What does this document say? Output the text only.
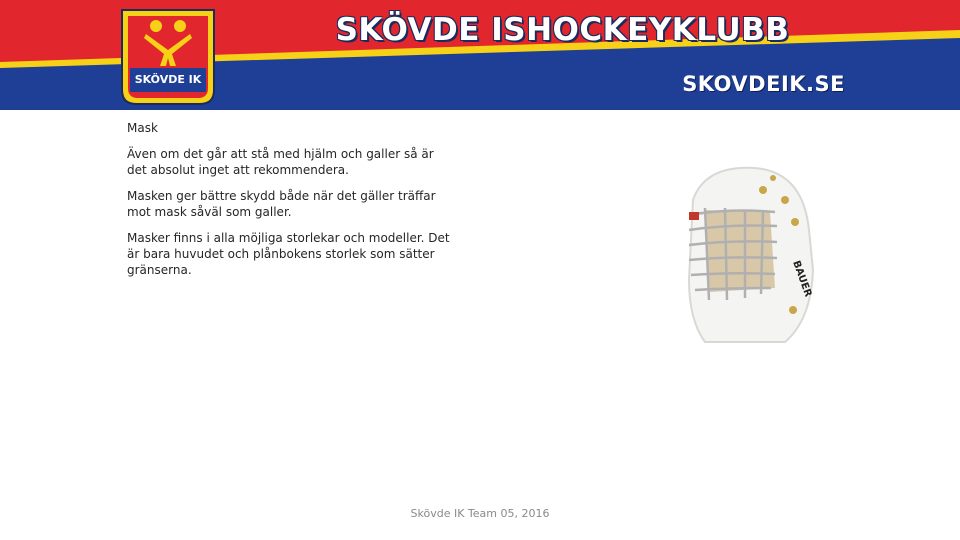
SKÖVDE ISHOCKEYKLUBB
SKOVDEIK.SE
SKÖVDE IK
Mask

Även om det går att stå med hjälm och galler så är det absolut inget att rekommendera.

Masken ger bättre skydd både när det gäller träffar mot mask såväl som galler.

Masker finns i alla möjliga storlekar och modeller. Det är bara huvudet och plånbokens storlek som sätter gränserna.	BAUER
Skövde IK Team 05, 2016
